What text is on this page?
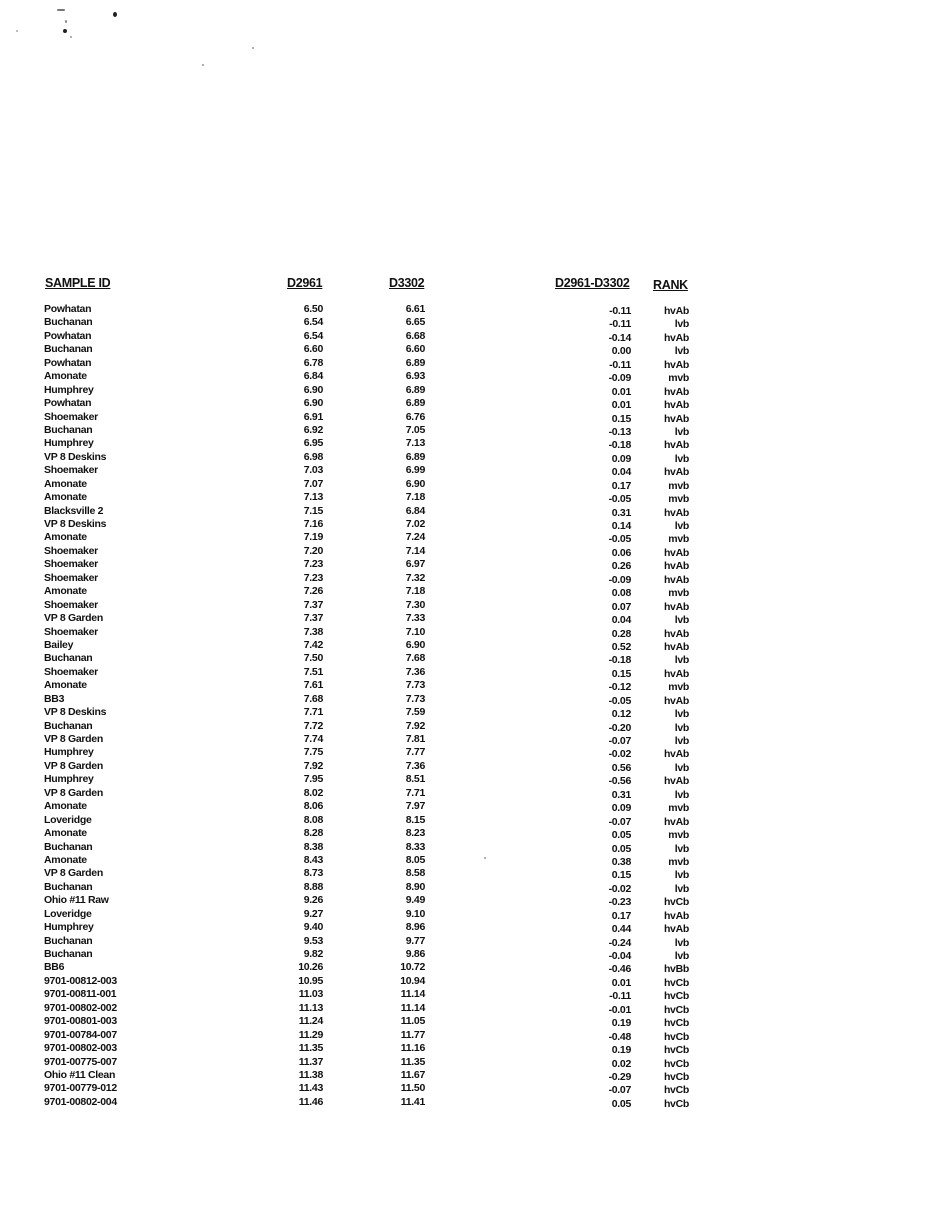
SAMPLE ID	D2961	D3302	D2961-D3302 RANK
Powhatan	6.50	6.61	-0.11	hvAb
Buchanan	6.54	6.65	-0.11	lvb
Powhatan	6.54	6.68	-0.14	hvAb
Buchanan	6.60	6.60	0.00	lvb
Powhatan	6.78	6.89	-0.11	hvAb
Amonate	6.84	6.93	-0.09	mvb
Humphrey	6.90	6.89	0.01	hvAb
Powhatan	6.90	6.89	0.01	hvAb
Shoemaker	6.91	6.76	0.15	hvAb
Buchanan	6.92	7.05	-0.13	lvb
Humphrey	6.95	7.13	-0.18	hvAb
VP 8 Deskins	6.98	6.89	0.09	lvb
Shoemaker	7.03	6.99	0.04	hvAb
Amonate	7.07	6.90	0.17	mvb
Amonate	7.13	7.18	-0.05	mvb
Blacksville 2	7.15	6.84	0.31	hvAb
VP 8 Deskins	7.16	7.02	0.14	lvb
Amonate	7.19	7.24	-0.05	mvb
Shoemaker	7.20	7.14	0.06	hvAb
Shoemaker	7.23	6.97	0.26	hvAb
Shoemaker	7.23	7.32	-0.09	hvAb
Amonate	7.26	7.18	0.08	mvb
Shoemaker	7.37	7.30	0.07	hvAb
VP 8 Garden	7.37	7.33	0.04	lvb
Shoemaker	7.38	7.10	0.28	hvAb
Bailey	7.42	6.90	0.52	hvAb
Buchanan	7.50	7.68	-0.18	lvb
Shoemaker	7.51	7.36	0.15	hvAb
Amonate	7.61	7.73	-0.12	mvb
BB3	7.68	7.73	-0.05	hvAb
VP 8 Deskins	7.71	7.59	0.12	lvb
Buchanan	7.72	7.92	-0.20	lvb
VP 8 Garden	7.74	7.81	-0.07	lvb
Humphrey	7.75	7.77	-0.02	hvAb
VP 8 Garden	7.92	7.36	0.56	lvb
Humphrey	7.95	8.51	-0.56	hvAb
VP 8 Garden	8.02	7.71	0.31	lvb
Amonate	8.06	7.97	0.09	mvb
Loveridge	8.08	8.15	-0.07	hvAb
Amonate	8.28	8.23	0.05	mvb
Buchanan	8.38	8.33	0.05	lvb
Amonate	8.43	8.05	0.38	mvb
VP 8 Garden	8.73	8.58	0.15	lvb
Buchanan	8.88	8.90	-0.02	lvb
Ohio #11 Raw	9.26	9.49	-0.23	hvCb
Loveridge	9.27	9.10	0.17	hvAb
Humphrey	9.40	8.96	0.44	hvAb
Buchanan	9.53	9.77	-0.24	lvb
Buchanan	9.82	9.86	-0.04	lvb
BB6	10.26	10.72	-0.46	hvBb
9701-00812-003	10.95	10.94	0.01	hvCb
9701-00811-001	11.03	11.14	-0.11	hvCb
9701-00802-002	11.13	11.14	-0.01	hvCb
9701-00801-003	11.24	11.05	0.19	hvCb
9701-00784-007	11.29	11.77	-0.48	hvCb
9701-00802-003	11.35	11.16	0.19	hvCb
9701-00775-007	11.37	11.35	0.02	hvCb
Ohio #11 Clean	11.38	11.67	-0.29	hvCb
9701-00779-012	11.43	11.50	-0.07	hvCb
9701-00802-004	11.46	11.41	0.05	hvCb
